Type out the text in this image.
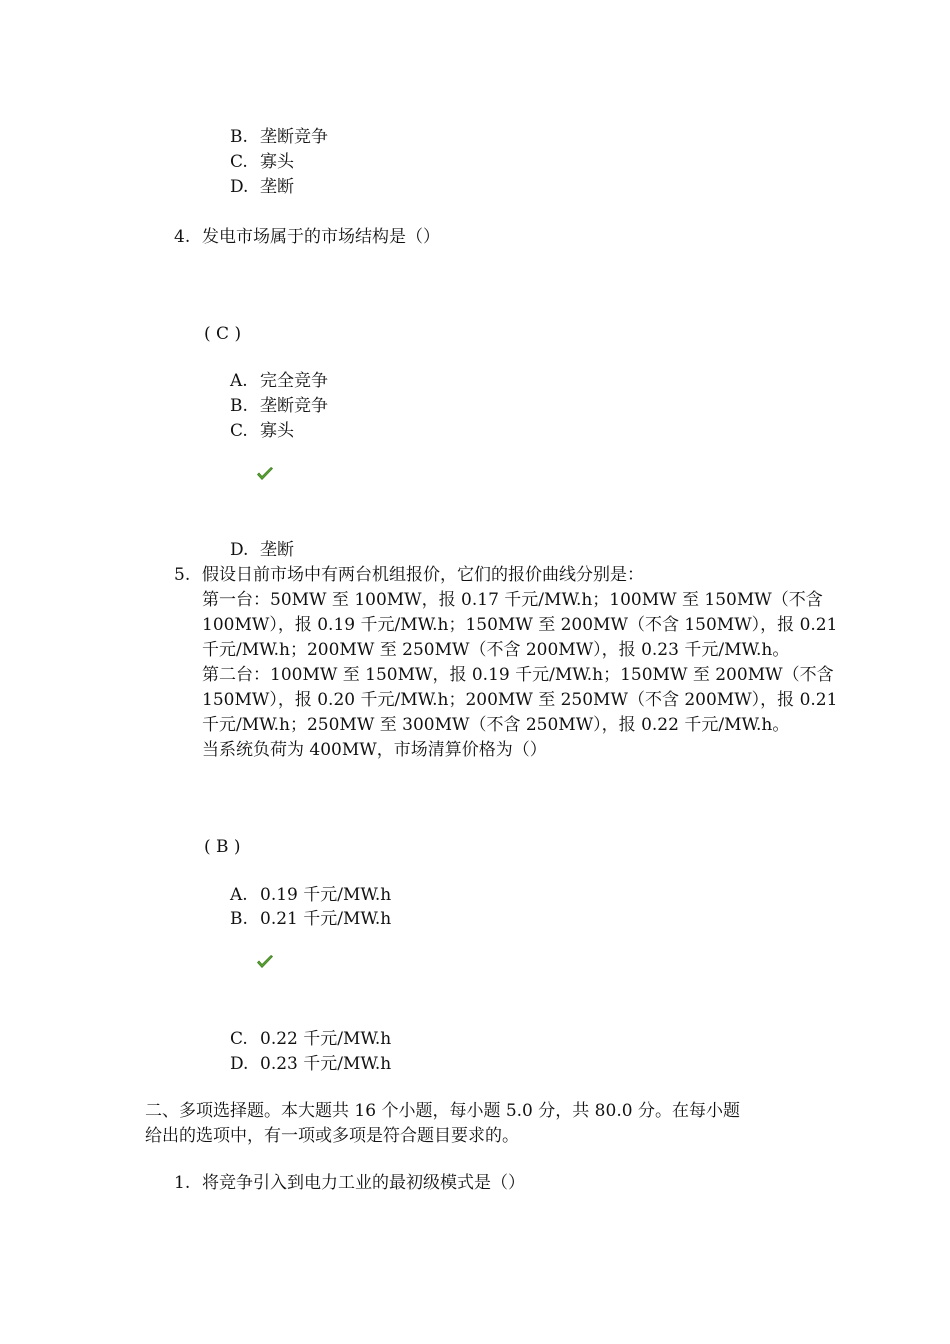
B. 垄断竞争
C. 寡头
D. 垄断
4. 发电市场属于的市场结构是（）
( C )
A. 完全竞争
B. 垄断竞争
C. 寡头
D. 垄断
5. 假设日前市场中有两台机组报价，它们的报价曲线分别是：
第一台：50MW 至 100MW，报 0.17 千元/MW.h；100MW 至 150MW（不含
100MW），报 0.19 千元/MW.h；150MW 至 200MW（不含 150MW），报 0.21
千元/MW.h；200MW 至 250MW（不含 200MW），报 0.23 千元/MW.h。
第二台：100MW 至 150MW，报 0.19 千元/MW.h；150MW 至 200MW（不含
150MW），报 0.20 千元/MW.h；200MW 至 250MW（不含 200MW），报 0.21
千元/MW.h；250MW 至 300MW（不含 250MW），报 0.22 千元/MW.h。
当系统负荷为 400MW，市场清算价格为（）
( B )
A. 0.19 千元/MW.h
B. 0.21 千元/MW.h
C. 0.22 千元/MW.h
D. 0.23 千元/MW.h
二、多项选择题。本大题共 16 个小题，每小题 5.0 分，共 80.0 分。在每小题
给出的选项中，有一项或多项是符合题目要求的。
1. 将竞争引入到电力工业的最初级模式是（）
